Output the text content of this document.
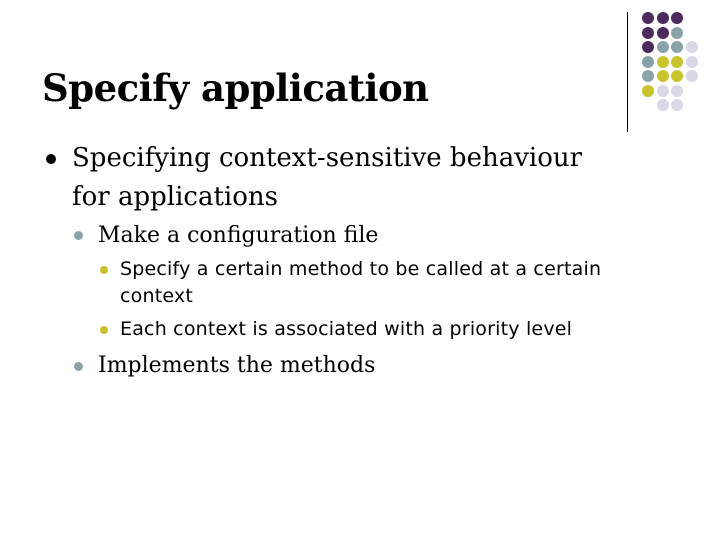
Specify application
Specifying context-sensitive behaviour
for applications
Make a configuration file
Specify a certain method to be called at a certain
context
Each context is associated with a priority level
Implements the methods
